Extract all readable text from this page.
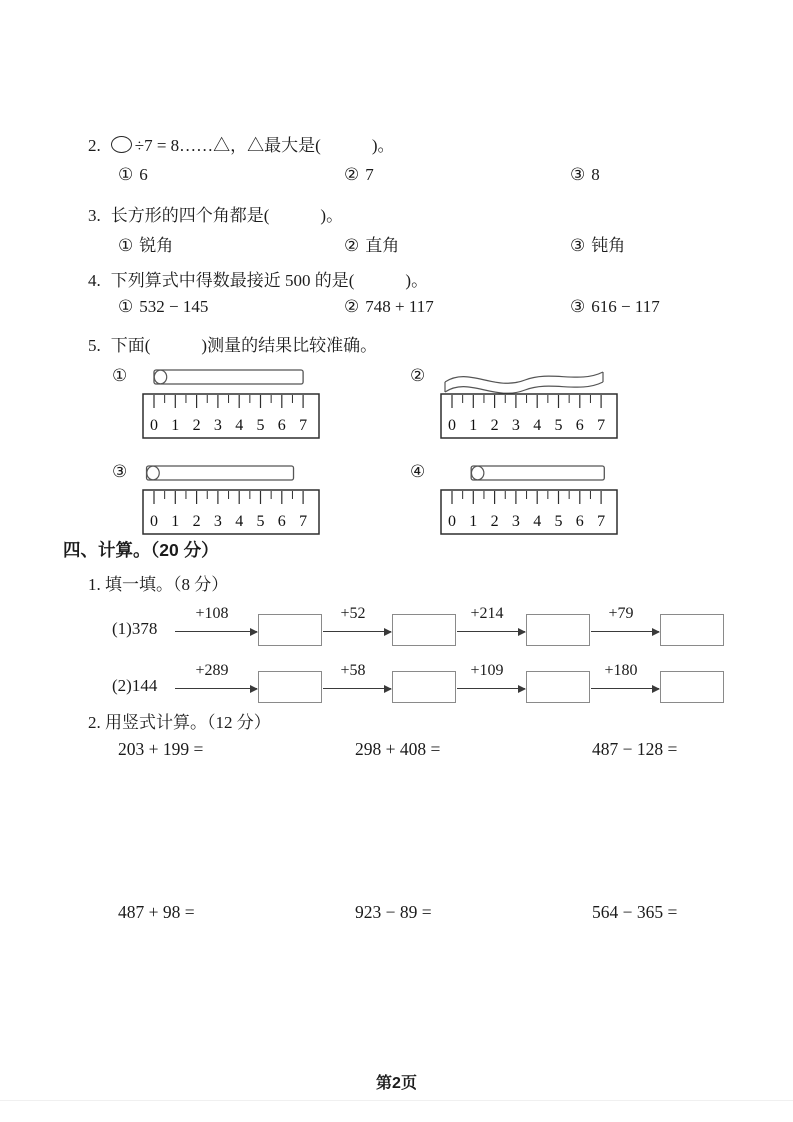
2. ÷7 = 8……△，△最大是(　　　)。
① 6	② 7	③ 8
3. 长方形的四个角都是(　　　)。
① 锐角	② 直角	③ 钝角
4. 下列算式中得数最接近 500 的是(　　　)。
① 532 − 145	② 748 + 117	③ 616 − 117
5. 下面(　　　)测量的结果比较准确。
①
0 1 2 3 4 5 6 7
②
0 1 2 3 4 5 6 7
③
0 1 2 3 4 5 6 7
④
0 1 2 3 4 5 6 7
四、计算。（20 分）
1. 填一填。（8 分）
(1)378
+108	+52	+214	+79
(2)144
+289	+58	+109	+180
2. 用竖式计算。（12 分）
203 + 199 =	298 + 408 =	487 − 128 =
487 + 98 =	923 − 89 =	564 − 365 =
第2页
